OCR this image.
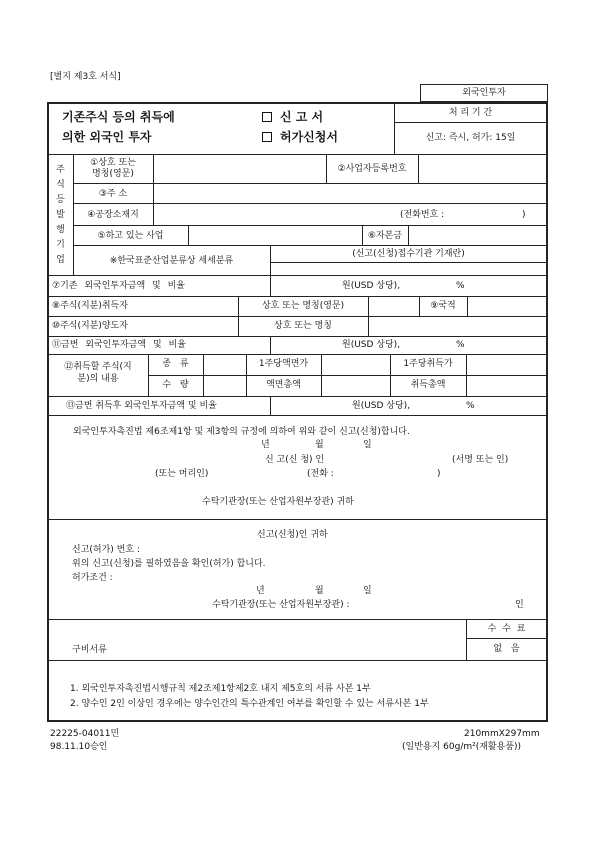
[별지 제3호 서식]
외국인투자
기존주식 등의 취득에
의한 외국인 투자
신 고 서
허가신청서
처 리 기 간
신고: 즉시, 허가: 15일
주
식
등
발
행
기
업
①상호 또는
명칭(영문)	②사업자등록번호
③주 소
④공장소재지	(전화번호 :	)
⑤하고 있는 사업	⑥자본금
※한국표준산업분류상 세세분류
(신고(신청)접수기관 기재란)
⑦기존 외국인투자금액 및 비율	원(USD 상당),	%
⑧주식(지분)취득자	상호 또는 명칭(영문)	⑨국적
⑩주식(지분)양도자	상호 또는 명칭
⑪금번 외국인투자금액 및 비율	원(USD 상당),	%
⑫취득할 주식(지
분)의 내용
종 류	1주당액면가	1주당취득가
수 량	액면총액	취득총액
⑬금번 취득후 외국인투자금액 및 비율	원(USD 상당),	%
외국인투자촉진법 제6조제1항 및 제3항의 규정에 의하여 위와 같이 신고(신청)합니다.
년	월	일
신 고(신 청) 인	(서명 또는 인)
(또는 머리인)	(전화 :	)
수탁기관장(또는 산업자원부장관) 귀하
신고(신청)인 귀하
신고(허가) 번호 :
위의 신고(신청)를 필하였음을 확인(허가) 합니다.
허가조건 :
년	월	일
수탁기관장(또는 산업자원부장관) :	인
구비서류
수 수 료
없 음
1. 외국인투자촉진법시행규칙 제2조제1항제2호 내지 제5호의 서류 사본 1부
2. 양수인 2인 이상인 경우에는 양수인간의 특수관계인 여부를 확인할 수 있는 서류사본 1부
22225-04011민
98.11.10승인
210mmX297mm
(일반용지 60g/m²(재활용품))
